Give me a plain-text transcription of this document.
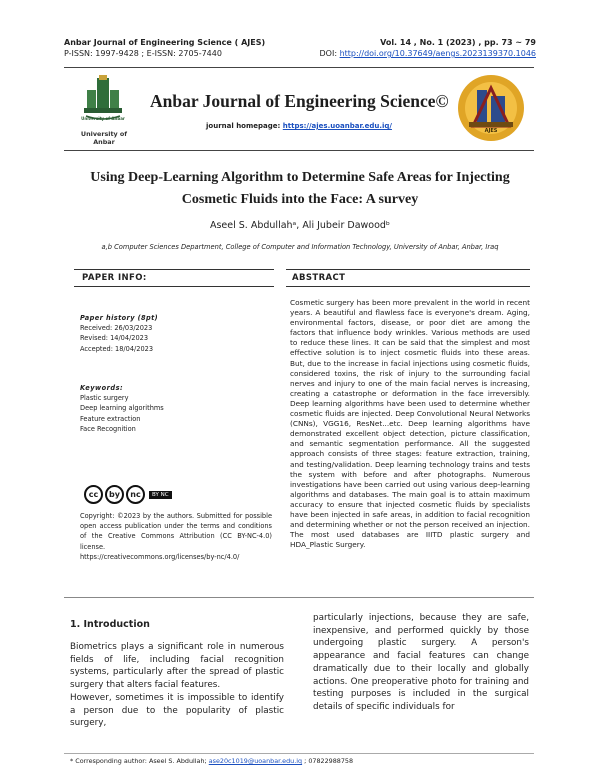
Anbar Journal of Engineering Science ( AJES)
P-ISSN: 1997-9428 ; E-ISSN: 2705-7440
Vol. 14 , No. 1 (2023) , pp. 73 ~ 79
DOI: http://doi.org/10.37649/aengs.2023139370.1046
University of Anbar
University of Anbar
Anbar Journal of Engineering Science©
journal homepage: https://ajes.uoanbar.edu.iq/
AJES
Using Deep-Learning Algorithm to Determine Safe Areas for Injecting
Cosmetic Fluids into the Face: A survey
Aseel S. Abdullahᵃ, Ali Jubeir Dawoodᵇ
a,b Computer Sciences Department, College of Computer and Information Technology, University of Anbar, Anbar, Iraq
PAPER INFO:	ABSTRACT
Paper history (8pt)
Received: 26/03/2023
Revised: 14/04/2023
Accepted: 18/04/2023
Keywords:
Plastic surgery
Deep learning algorithms
Feature extraction
Face Recognition
cc	by	nc	BY NC
Copyright: ©2023 by the authors. Submitted for possible open access publication under the terms and conditions of the Creative Commons Attribution (CC BY-NC-4.0) license.
https://creativecommons.org/licenses/by-nc/4.0/
Cosmetic surgery has been more prevalent in the world in recent years. A beautiful and flawless face is everyone's dream. Aging, environmental factors, disease, or poor diet are among the factors that influence body wrinkles. Various methods are used to reduce these lines. It can be said that the simplest and most effective solution is to inject cosmetic fluids into these areas. But, due to the increase in facial injections using cosmetic fluids, considered toxins, the risk of injury to the surrounding facial nerves and injury to one of the main facial nerves is increasing, creating a catastrophe or deformation in the face irreversibly. Deep learning algorithms have been used to determine whether cosmetic fluids are injected. Deep Convolutional Neural Networks (CNNs), VGG16, ResNet...etc. Deep learning algorithms have demonstrated excellent object detection, picture classification, and semantic segmentation performance. All the suggested approach consists of three stages: feature extraction, training, and testing/validation. Deep learning technology trains and tests the system with before and after photographs. Numerous investigations have been carried out using various deep-learning algorithms and databases. The main goal is to attain maximum accuracy to ensure that injected cosmetic fluids by specialists have been injected in safe areas, in addition to facial recognition and determining whether or not the person received an injection. The most used databases are IIITD plastic surgery and HDA_Plastic Surgery.
1. Introduction
Biometrics plays a significant role in numerous fields of life, including facial recognition systems, particularly after the spread of plastic surgery that alters facial features.
However, sometimes it is impossible to identify a person due to the popularity of plastic surgery,
particularly injections, because they are safe, inexpensive, and performed quickly by those undergoing plastic surgery. A person's appearance and facial features can change dramatically due to their locally and globally actions. One preoperative photo for training and testing purposes is included in the surgical details of specific individuals for
* Corresponding author: Aseel S. Abdullah; ase20c1019@uoanbar.edu.iq ; 07822988758
